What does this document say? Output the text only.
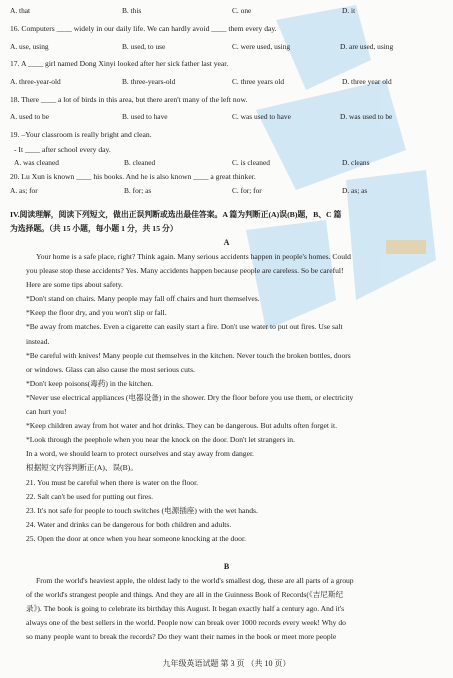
A. that	B. this	C. one	D. it
16. Computers ____ widely in our daily life. We can hardly avoid ____ them every day.
A. use, using	B. used, to use	C. were used, using	D. are used, using
17. A ____ girl named Dong Xinyi looked after her sick father last year.
A. three-year-old	B. three-years-old	C. three years old	D. three year old
18. There ____ a lot of birds in this area, but there aren't many of the left now.
A. used to be	B. used to have	C. was used to have	D. was used to be
19. –Your classroom is really bright and clean.
- It ____ after school every day.
A. was cleaned	B. cleaned	C. is cleaned	D. cleans
20. Lu Xun is known ____ his books. And he is also known ____ a great thinker.
A. as; for	B. for; as	C. for; for	D. as; as
IV.阅读理解，阅读下列短文，做出正误判断或选出最佳答案。A 篇为判断正(A)误(B)题，B、C 篇
为选择题。（共 15 小题，每小题 1 分，共 15 分）
A

Your home is a safe place, right? Think again. Many serious accidents happen in people's homes. Could

you please stop these accidents? Yes. Many accidents happen because people are careless. So be careful!

Here are some tips about safety.

*Don't stand on chairs. Many people may fall off chairs and hurt themselves.

*Keep the floor dry, and you won't slip or fall.

*Be away from matches. Even a cigarette can easily start a fire. Don't use water to put out fires. Use salt

instead.

*Be careful with knives! Many people cut themselves in the kitchen. Never touch the broken bottles, doors

or windows. Glass can also cause the most serious cuts.

*Don't keep poisons(毒药) in the kitchen.

*Never use electrical appliances (电器设备) in the shower. Dry the floor before you use them, or electricity

can hurt you!

*Keep children away from hot water and hot drinks. They can be dangerous. But adults often forget it.

*Look through the peephole when you near the knock on the door. Don't let strangers in.

In a word, we should learn to protect ourselves and stay away from danger.

根据短文内容判断正(A)、误(B)。

21. You must be careful when there is water on the floor.

22. Salt can't be used for putting out fires.

23. It's not safe for people to touch switches (电源插座) with the wet hands.

24. Water and drinks can be dangerous for both children and adults.

25. Open the door at once when you hear someone knocking at the door.

B

From the world's heaviest apple, the oldest lady to the world's smallest dog, these are all parts of a group

of the world's strangest people and things. And they are all in the Guinness Book of Records(《吉尼斯纪

录》). The book is going to celebrate its birthday this August. It began exactly half a century ago. And it's

always one of the best sellers in the world. People now can break over 1000 records every week! Why do

so many people want to break the records? Do they want their names in the book or meet more people

九年级英语试题 第 3 页 （共 10 页）
